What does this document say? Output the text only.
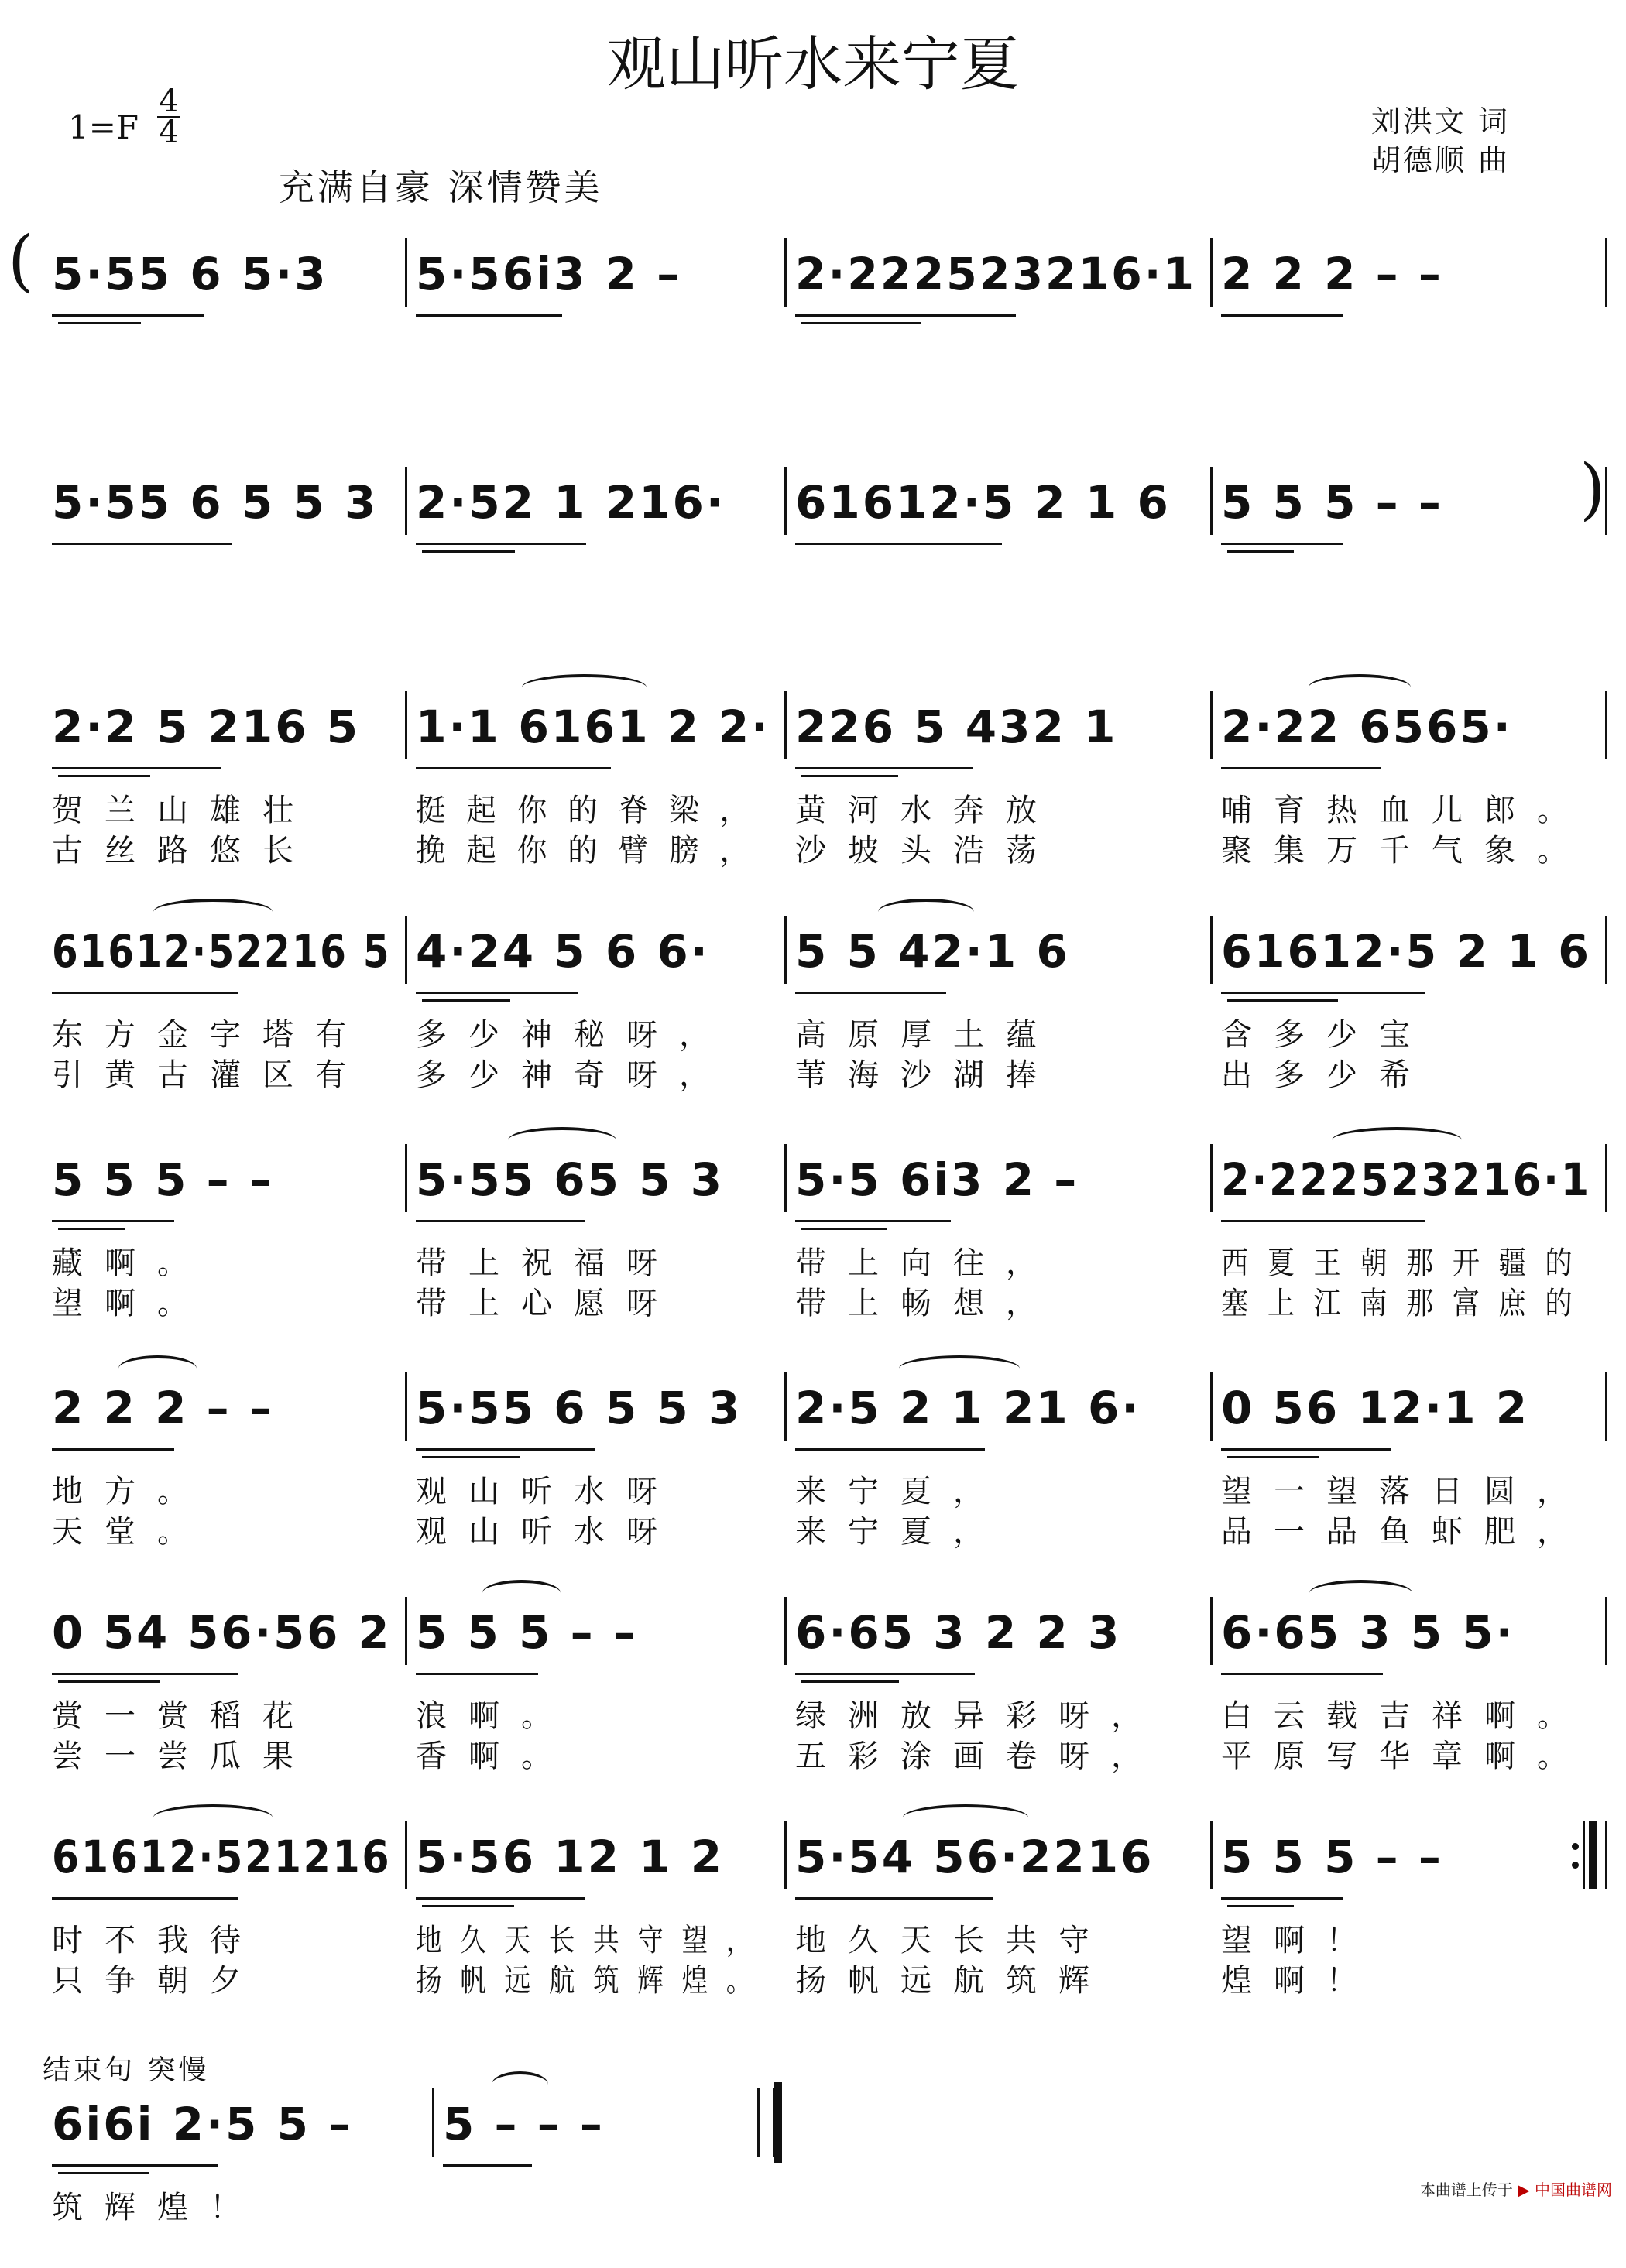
观山听水来宁夏
1=F
4
4
充满自豪 深情赞美
刘洪文 词
胡德顺 曲
5·55 6 5·3 5·56i3 2 –	2·222523216·1 2 2 2 – –
(
5·55 6 5 5 3 2·52 1 216· 61612·5 2 1 6 5 5 5 – – )
2·2 5 216 5
贺兰山雄壮
古丝路悠长
1·1 6161 2 2·
挺起你的脊梁，
挽起你的臂膀，
226 5 432 1
黄河水奔放
沙坡头浩荡
2·22 6565·
哺育热血儿郎。
聚集万千气象。
61612·52216 5
东方金字塔有
引黄古灌区有
4·24 5 6 6·
多少神秘呀，
多少神奇呀，
5 5 42·1 6
高原厚土蕴
苇海沙湖捧
61612·5 2 1 6
含多少宝
出多少希
5 5 5 – –
藏啊。
望啊。
5·55 65 5 3
带上祝福呀
带上心愿呀
5·5 6i3 2 –
带上向往，
带上畅想，
2·222523216·1
西夏王朝那开疆的
塞上江南那富庶的
2 2 2 – –
地方。
天堂。
5·55 6 5 5 3
观山听水呀
观山听水呀
2·5 2 1 21 6·
来宁夏，
来宁夏，
0 56 12·1 2
望一望落日圆，
品一品鱼虾肥，
0 54 56·56 2
赏一赏稻花
尝一尝瓜果
5 5 5 – –
浪啊。
香啊。
6·65 3 2 2 3
绿洲放异彩呀，
五彩涂画卷呀，
6·65 3 5 5·
白云载吉祥啊。
平原写华章啊。
61612·521216
时不我待
只争朝夕
5·56 12 1 2
地久天长共守望，
扬帆远航筑辉煌。
5·54 56·2216
地久天长共守
扬帆远航筑辉
5 5 5 – –
望啊！
煌啊！
6i6i 2·5 5 –
筑辉煌！
5 – – –
结束句 突慢
本曲谱上传于 ▶ 中国曲谱网
